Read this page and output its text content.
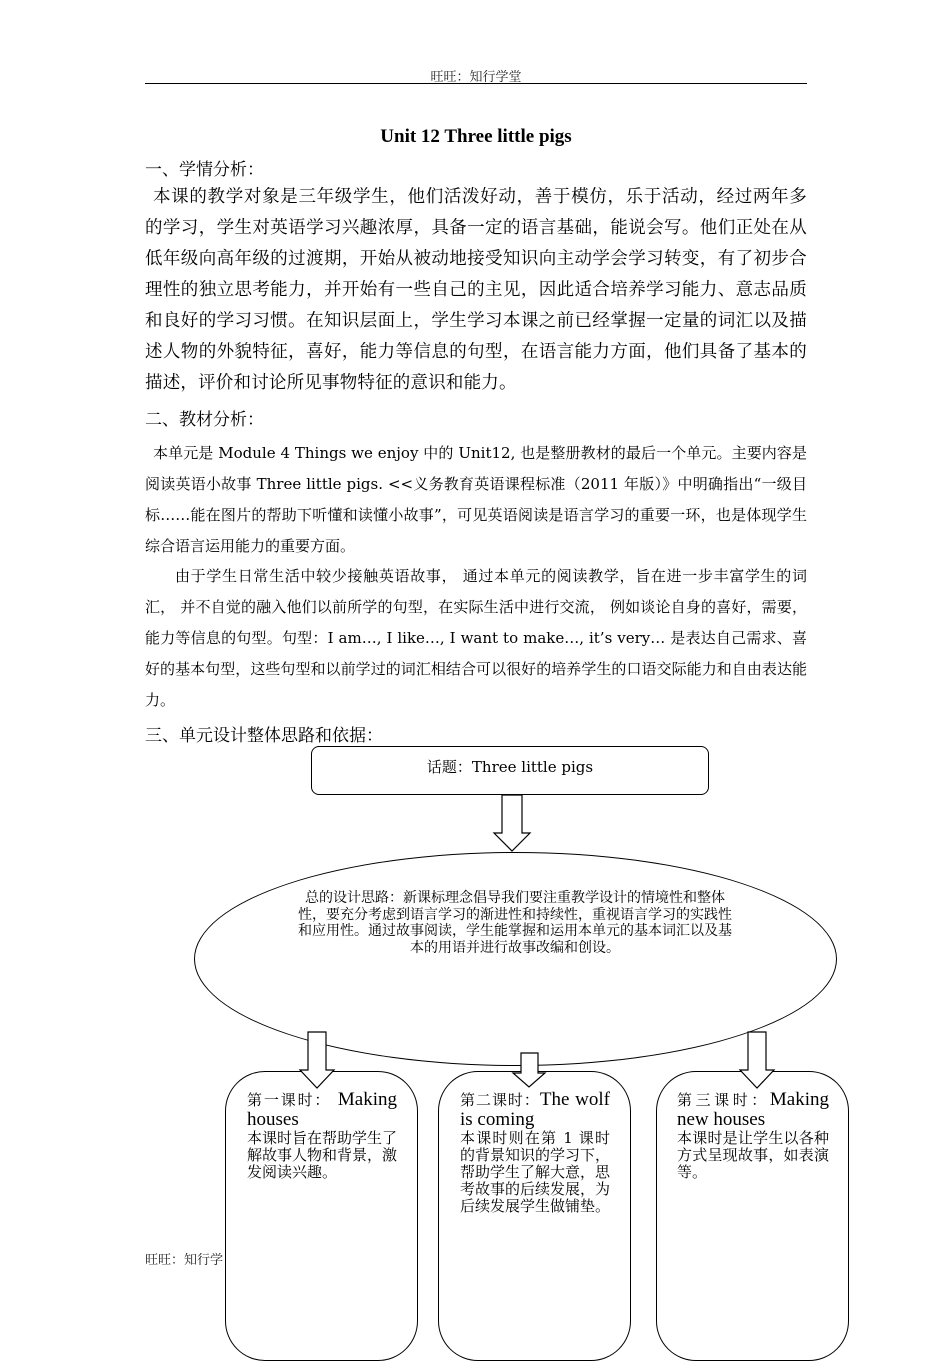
旺旺：知行学堂
Unit 12 Three little pigs
一、学情分析：
本课的教学对象是三年级学生，他们活泼好动，善于模仿，乐于活动，经过两年多的学习，学生对英语学习兴趣浓厚，具备一定的语言基础，能说会写。他们正处在从低年级向高年级的过渡期，开始从被动地接受知识向主动学会学习转变，有了初步合理性的独立思考能力，并开始有一些自己的主见，因此适合培养学习能力、意志品质和良好的学习习惯。在知识层面上，学生学习本课之前已经掌握一定量的词汇以及描述人物的外貌特征，喜好，能力等信息的句型，在语言能力方面，他们具备了基本的描述，评价和讨论所见事物特征的意识和能力。
二、教材分析：
本单元是 Module 4 Things we enjoy 中的 Unit12, 也是整册教材的最后一个单元。主要内容是阅读英语小故事 Three little pigs. <<义务教育英语课程标准（2011 年版）》中明确指出“一级目标……能在图片的帮助下听懂和读懂小故事”，可见英语阅读是语言学习的重要一环，也是体现学生综合语言运用能力的重要方面。
由于学生日常生活中较少接触英语故事， 通过本单元的阅读教学，旨在进一步丰富学生的词汇， 并不自觉的融入他们以前所学的句型，在实际生活中进行交流， 例如谈论自身的喜好，需要，能力等信息的句型。句型：I am…, I like…, I want to make…, it’s very… 是表达自己需求、喜好的基本句型，这些句型和以前学过的词汇相结合可以很好的培养学生的口语交际能力和自由表达能力。
三、单元设计整体思路和依据：
话题：Three little pigs
总的设计思路：新课标理念倡导我们要注重教学设计的情境性和整体性，要充分考虑到语言学习的渐进性和持续性，重视语言学习的实践性和应用性。通过故事阅读，学生能掌握和运用本单元的基本词汇以及基本的用语并进行故事改编和创设。
第一课时： Making houses
本课时旨在帮助学生了解故事人物和背景，激发阅读兴趣。
第二课时：The wolf is coming
本课时则在第 1 课时的背景知识的学习下，帮助学生了解大意，思考故事的后续发展，为后续发展学生做铺垫。
第三课时：Making new houses
本课时是让学生以各种方式呈现故事，如表演等。
旺旺：知行学
